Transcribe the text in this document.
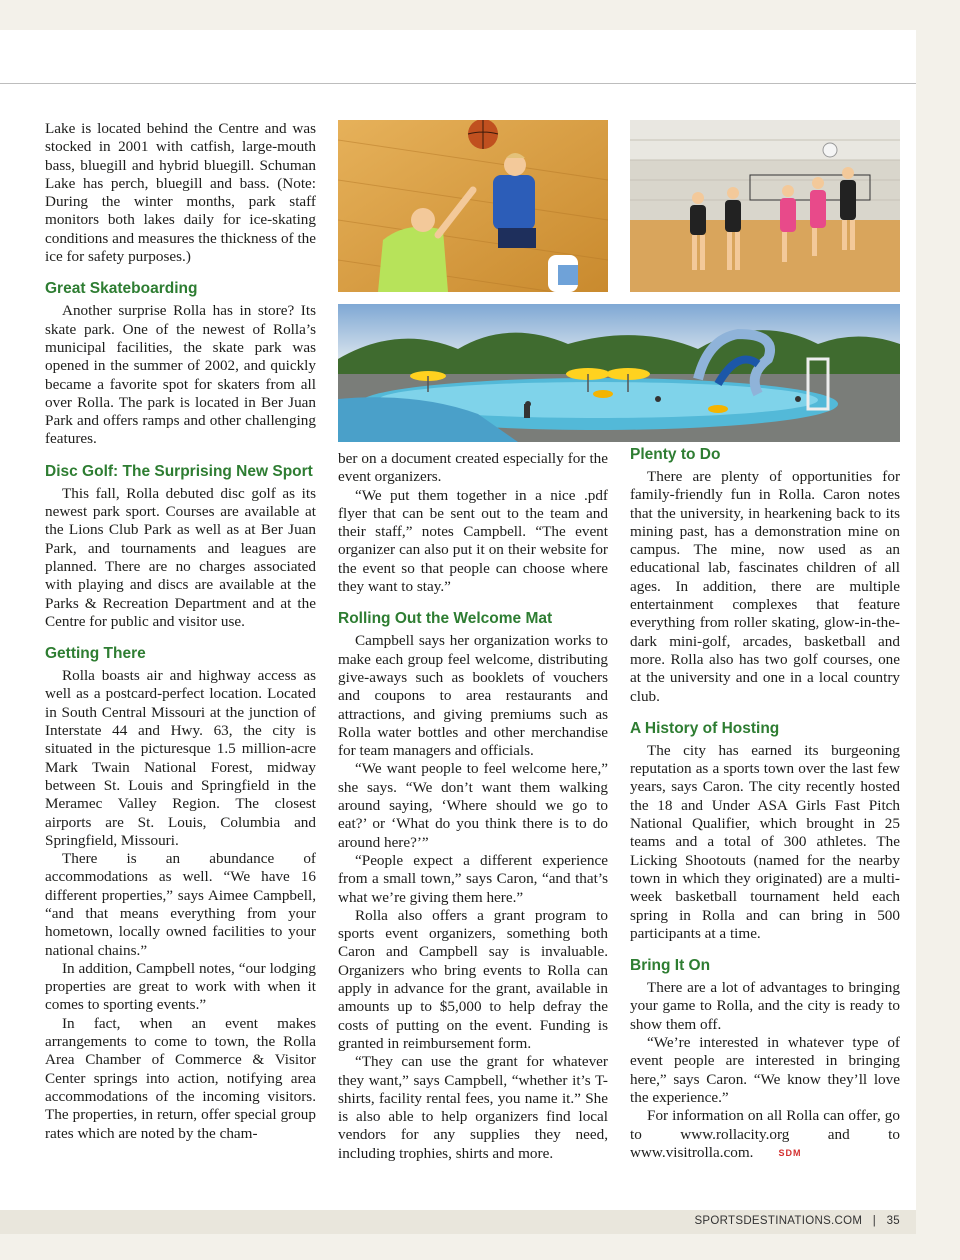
Lake is located behind the Centre and was stocked in 2001 with catfish, large-mouth bass, bluegill and hybrid bluegill. Schuman Lake has perch, bluegill and bass. (Note: During the winter months, park staff monitors both lakes daily for ice-skating conditions and measures the thickness of the ice for safety purposes.)

Great Skateboarding

Another surprise Rolla has in store? Its skate park. One of the newest of Rolla’s municipal facilities, the skate park was opened in the summer of 2002, and quickly became a favorite spot for skaters from all over Rolla. The park is located in Ber Juan Park and offers ramps and other challenging features.

Disc Golf: The Surprising New Sport

This fall, Rolla debuted disc golf as its newest park sport. Courses are available at the Lions Club Park as well as at Ber Juan Park, and tournaments and leagues are planned. There are no charges associated with playing and discs are available at the Parks & Recreation Department and at the Centre for public and visitor use.

Getting There

Rolla boasts air and highway access as well as a postcard-perfect location. Located in South Central Missouri at the junction of Interstate 44 and Hwy. 63, the city is situated in the picturesque 1.5 million-acre Mark Twain National Forest, midway between St. Louis and Springfield in the Meramec Valley Region. The closest airports are St. Louis, Columbia and Springfield, Missouri.

There is an abundance of accommodations as well. “We have 16 different properties,” says Aimee Campbell, “and that means everything from your hometown, locally owned facilities to your national chains.”

In addition, Campbell notes, “our lodging properties are great to work with when it comes to sporting events.”

In fact, when an event makes arrangements to come to town, the Rolla Area Chamber of Commerce & Visitor Center springs into action, notifying area accommodations of the incoming visitors. The properties, in return, offer special group rates which are noted by the cham-

ber on a document created especially for the event organizers.

“We put them together in a nice .pdf flyer that can be sent out to the team and their staff,” notes Campbell. “The event organizer can also put it on their website for the event so that people can choose where they want to stay.”

Rolling Out the Welcome Mat

Campbell says her organization works to make each group feel welcome, distributing give-aways such as booklets of vouchers and coupons to area restaurants and attractions, and giving premiums such as Rolla water bottles and other merchandise for team managers and officials.

“We want people to feel welcome here,” she says. “We don’t want them walking around saying, ‘Where should we go to eat?’ or ‘What do you think there is to do around here?’”

“People expect a different experience from a small town,” says Caron, “and that’s what we’re giving them here.”

Rolla also offers a grant program to sports event organizers, something both Caron and Campbell say is invaluable. Organizers who bring events to Rolla can apply in advance for the grant, available in amounts up to $5,000 to help defray the costs of putting on the event. Funding is granted in reimbursement form.

“They can use the grant for whatever they want,” says Campbell, “whether it’s T-shirts, facility rental fees, you name it.” She is also able to help organizers find local vendors for any supplies they need, including trophies, shirts and more.

Plenty to Do

There are plenty of opportunities for family-friendly fun in Rolla. Caron notes that the university, in hearkening back to its mining past, has a demonstration mine on campus. The mine, now used as an educational lab, fascinates children of all ages. In addition, there are multiple entertainment complexes that feature everything from roller skating, glow-in-the-dark mini-golf, arcades, basketball and more. Rolla also has two golf courses, one at the university and one in a local country club.

A History of Hosting

The city has earned its burgeoning reputation as a sports town over the last few years, says Caron. The city recently hosted the 18 and Under ASA Girls Fast Pitch National Qualifier, which brought in 25 teams and a total of 300 athletes. The Licking Shootouts (named for the nearby town in which they originated) are a multi-week basketball tournament held each spring in Rolla and can bring in 500 participants at a time.

Bring It On

There are a lot of advantages to bringing your game to Rolla, and the city is ready to show them off.

“We’re interested in whatever type of event people are interested in bringing here,” says Caron. “We know they’ll love the experience.”

For information on all Rolla can offer, go to www.rollacity.org and to www.visitrolla.com.	SDM

SPORTSDESTINATIONS.COM | 35
